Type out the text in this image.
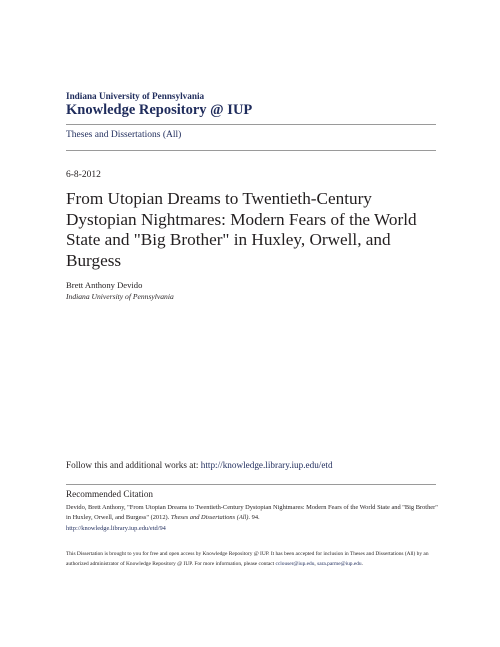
Indiana University of Pennsylvania
Knowledge Repository @ IUP
Theses and Dissertations (All)
6-8-2012
From Utopian Dreams to Twentieth-Century Dystopian Nightmares: Modern Fears of the World State and "Big Brother" in Huxley, Orwell, and Burgess
Brett Anthony Devido
Indiana University of Pennsylvania
Follow this and additional works at: http://knowledge.library.iup.edu/etd
Recommended Citation
Devido, Brett Anthony, "From Utopian Dreams to Twentieth-Century Dystopian Nightmares: Modern Fears of the World State and "Big Brother" in Huxley, Orwell, and Burgess" (2012). Theses and Dissertations (All). 94.
http://knowledge.library.iup.edu/etd/94
This Dissertation is brought to you for free and open access by Knowledge Repository @ IUP. It has been accepted for inclusion in Theses and Dissertations (All) by an authorized administrator of Knowledge Repository @ IUP. For more information, please contact cclouser@iup.edu, sara.parme@iup.edu.
